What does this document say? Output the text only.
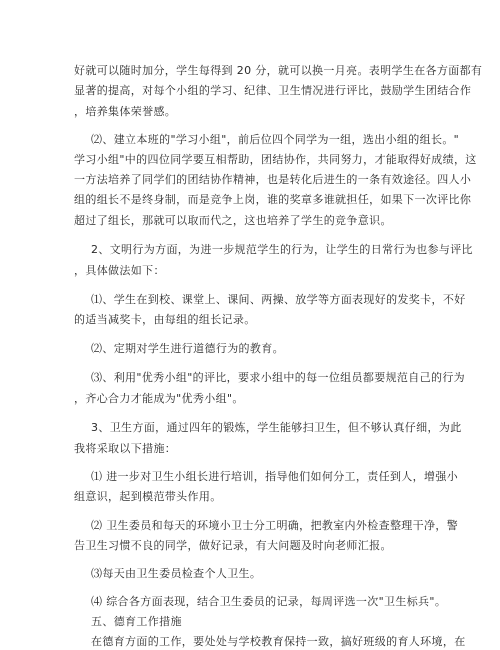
好就可以随时加分，学生每得到 20 分，就可以换一月亮。表明学生在各方面都有
显著的提高，对每个小组的学习、纪律、卫生情况进行评比，鼓励学生团结合作
，培养集体荣誉感。
⑵、建立本班的"学习小组"，前后位四个同学为一组，选出小组的组长。"
学习小组"中的四位同学要互相帮助，团结协作，共同努力，才能取得好成绩，这
一方法培养了同学们的团结协作精神，也是转化后进生的一条有效途径。四人小
组的组长不是终身制，而是竞争上岗，谁的奖章多谁就担任，如果下一次评比你
超过了组长，那就可以取而代之，这也培养了学生的竞争意识。
2、文明行为方面，为进一步规范学生的行为，让学生的日常行为也参与评比
，具体做法如下：
⑴、学生在到校、课堂上、课间、两操、放学等方面表现好的发奖卡，不好
的适当减奖卡，由每组的组长记录。
⑵、定期对学生进行道德行为的教育。
⑶、利用"优秀小组"的评比，要求小组中的每一位组员都要规范自己的行为
，齐心合力才能成为"优秀小组"。
3、卫生方面，通过四年的锻炼，学生能够扫卫生，但不够认真仔细，为此
我将采取以下措施：
⑴ 进一步对卫生小组长进行培训，指导他们如何分工，责任到人，增强小
组意识，起到模范带头作用。
⑵ 卫生委员和每天的环境小卫士分工明确，把教室内外检查整理干净，警
告卫生习惯不良的同学，做好记录，有大问题及时向老师汇报。
⑶每天由卫生委员检查个人卫生。
⑷ 综合各方面表现，结合卫生委员的记录，每周评选一次"卫生标兵"。
五、德育工作措施
在德育方面的工作，要处处与学校教育保持一致，搞好班级的育人环境，在
